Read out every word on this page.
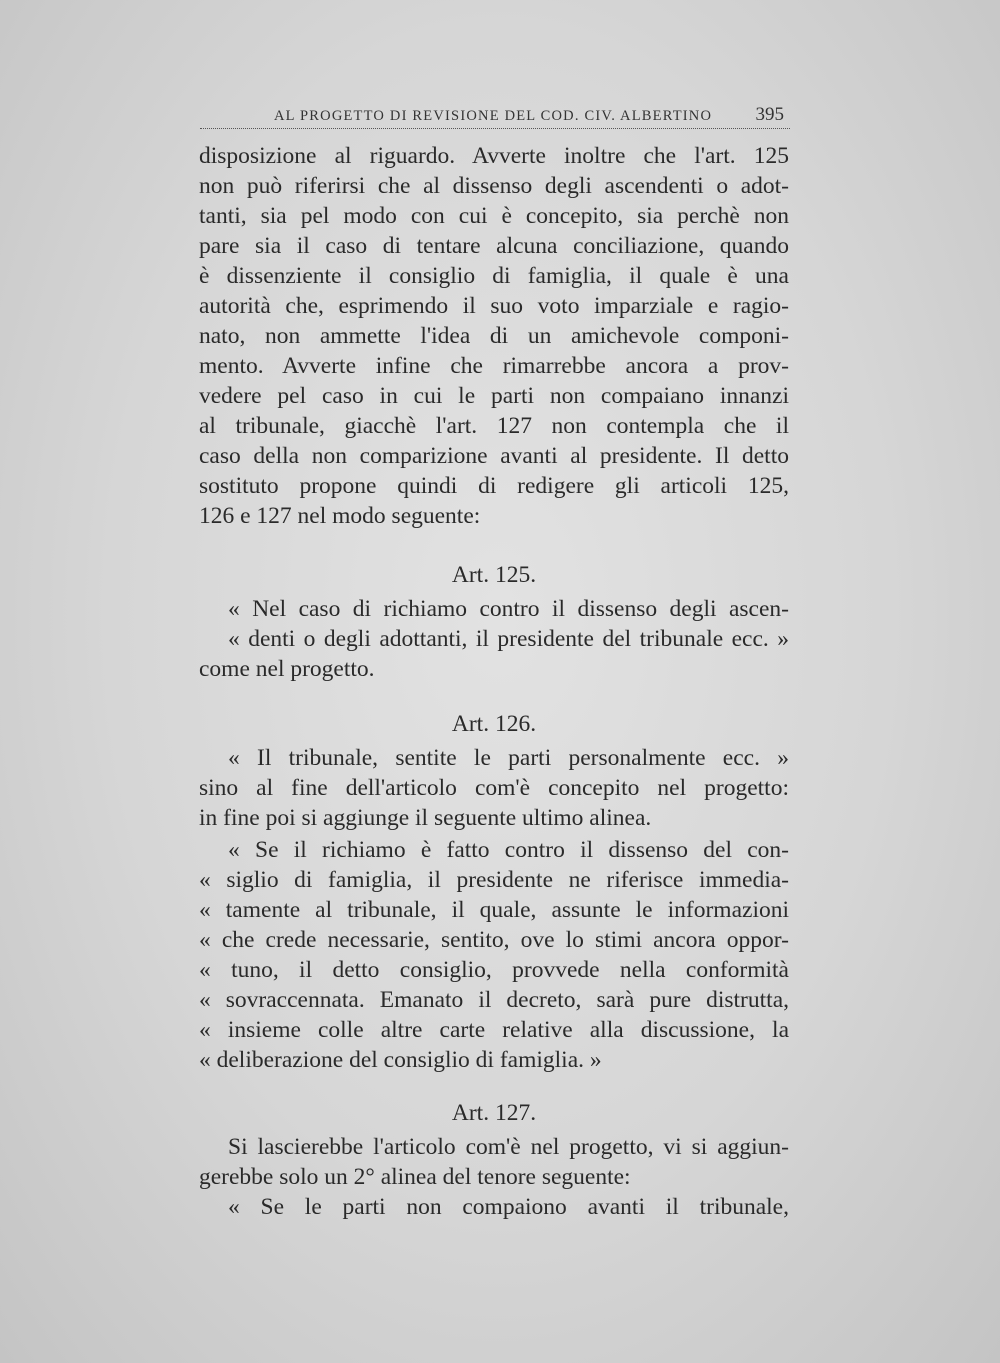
AL PROGETTO DI REVISIONE DEL COD. CIV. ALBERTINO 395
disposizione al riguardo. Avverte inoltre che l'art. 125
non può riferirsi che al dissenso degli ascendenti o adot-
tanti, sia pel modo con cui è concepito, sia perchè non
pare sia il caso di tentare alcuna conciliazione, quando
è dissenziente il consiglio di famiglia, il quale è una
autorità che, esprimendo il suo voto imparziale e ragio-
nato, non ammette l'idea di un amichevole componi-
mento. Avverte infine che rimarrebbe ancora a prov-
vedere pel caso in cui le parti non compaiano innanzi
al tribunale, giacchè l'art. 127 non contempla che il
caso della non comparizione avanti al presidente. Il detto
sostituto propone quindi di redigere gli articoli 125,
126 e 127 nel modo seguente:
Art. 125.
« Nel caso di richiamo contro il dissenso degli ascen-
« denti o degli adottanti, il presidente del tribunale ecc. »
come nel progetto.
Art. 126.
« Il tribunale, sentite le parti personalmente ecc. »
sino al fine dell'articolo com'è concepito nel progetto:
in fine poi si aggiunge il seguente ultimo alinea.
« Se il richiamo è fatto contro il dissenso del con-
« siglio di famiglia, il presidente ne riferisce immedia-
« tamente al tribunale, il quale, assunte le informazioni
« che crede necessarie, sentito, ove lo stimi ancora oppor-
« tuno, il detto consiglio, provvede nella conformità
« sovraccennata. Emanato il decreto, sarà pure distrutta,
« insieme colle altre carte relative alla discussione, la
« deliberazione del consiglio di famiglia. »
Art. 127.
Si lascierebbe l'articolo com'è nel progetto, vi si aggiun-
gerebbe solo un 2° alinea del tenore seguente:
« Se le parti non compaiono avanti il tribunale,
